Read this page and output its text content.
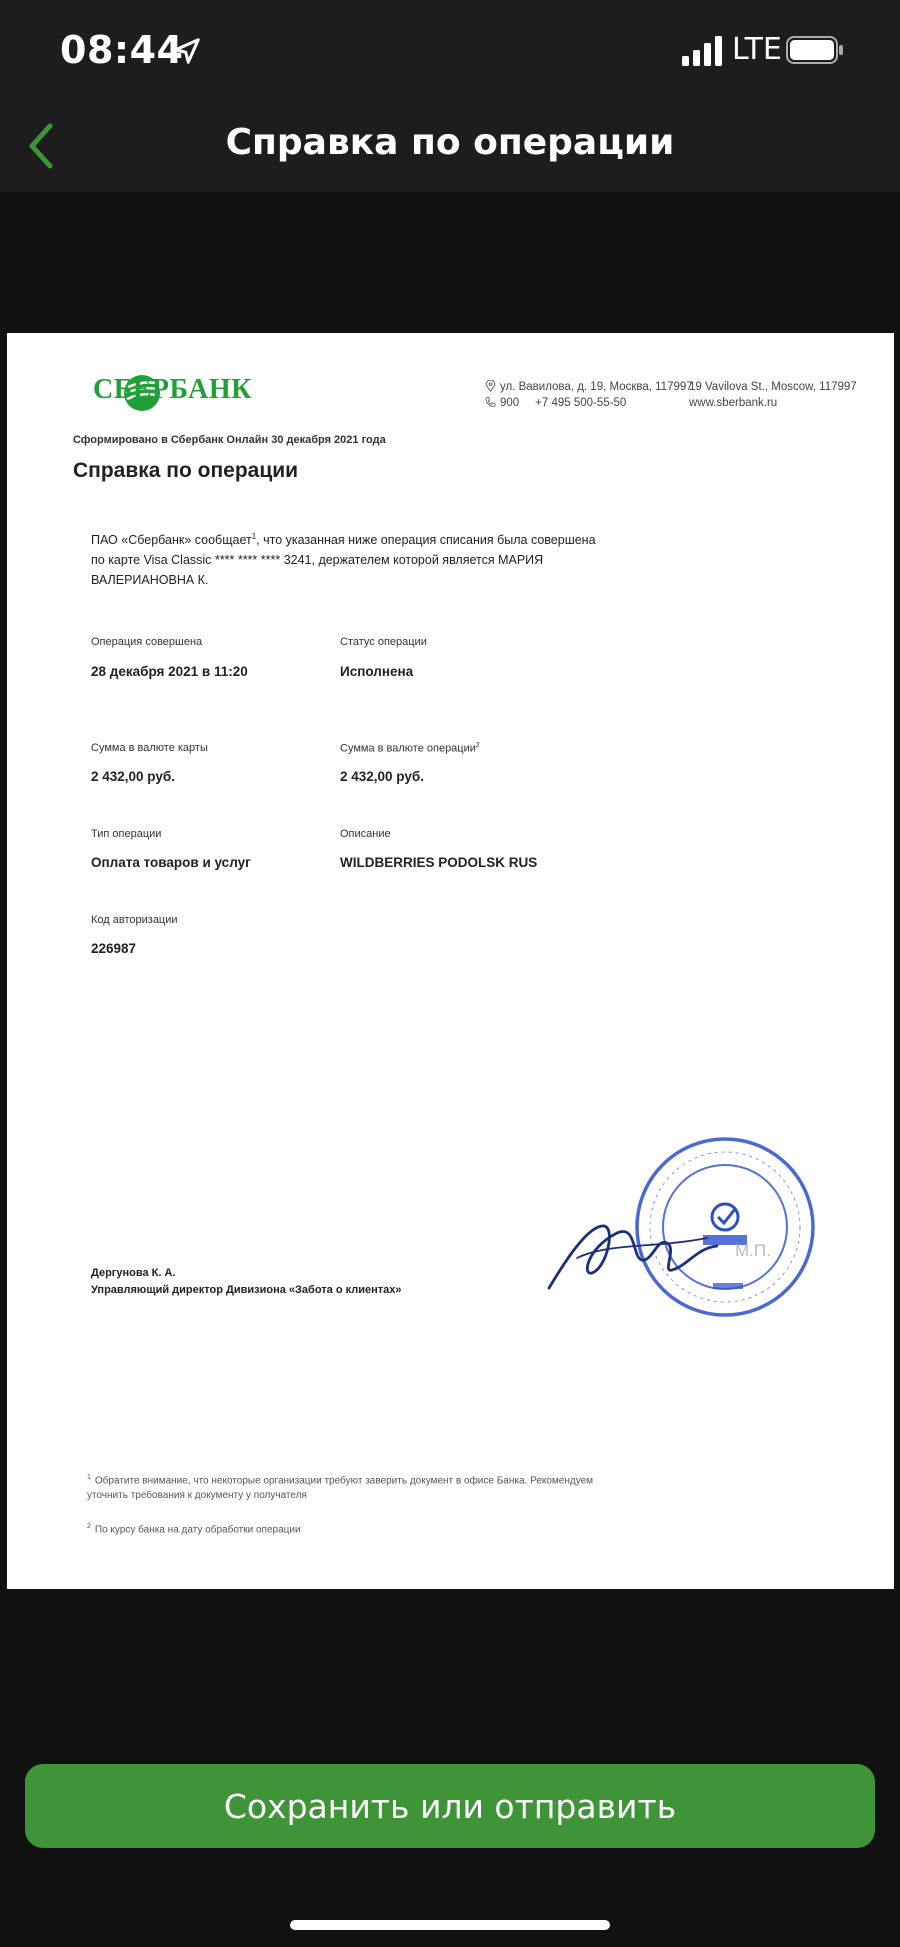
08:44	LTE
Справка по операции
СБЕРБАНК	ул. Вавилова, д. 19, Москва, 117997
900 +7 495 500-55-50
19 Vavilova St., Moscow, 117997
www.sberbank.ru
Сформировано в Сбербанк Онлайн 30 декабря 2021 года
Справка по операции
ПАО «Сбербанк» сообщает$^1$, что указанная ниже операция списания была совершена по карте Visa Classic **** **** **** 3241, держателем которой является МАРИЯ ВАЛЕРИАНОВНА К.
Операция совершена
28 декабря 2021 в 11:20
Статус операции
Исполнена
Сумма в валюте карты
2 432,00 руб.
Сумма в валюте операции$^2$
2 432,00 руб.
Тип операции
Оплата товаров и услуг
Описание
WILDBERRIES PODOLSK RUS
Код авторизации
226987
Дергунова К. А.
Управляющий директор Дивизиона «Забота о клиентах»
М.П.
$^1$ Обратите внимание, что некоторые организации требуют заверить документ в офисе Банка. Рекомендуем уточнить требования к документу у получателя
$^2$ По курсу банка на дату обработки операции
Сохранить или отправить
